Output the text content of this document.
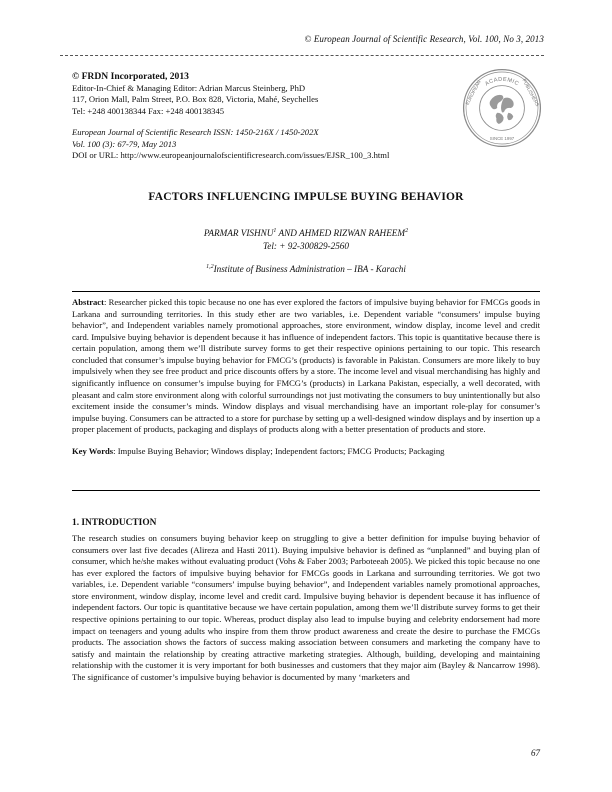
© European Journal of Scientific Research, Vol. 100, No 3, 2013
© FRDN Incorporated, 2013
Editor-In-Chief & Managing Editor: Adrian Marcus Steinberg, PhD
117, Orion Mall, Palm Street, P.O. Box 828, Victoria, Mahé, Seychelles
Tel: +248 400138344 Fax: +248 400138345
European Journal of Scientific Research ISSN: 1450-216X / 1450-202X
Vol. 100 (3): 67-79, May 2013
DOI or URL: http://www.europeanjournalofscientificresearch.com/issues/EJSR_100_3.html
ACADEMIC
EUROPEAN	PUBLISHERS
SINCE 1997
FACTORS INFLUENCING IMPULSE BUYING BEHAVIOR
PARMAR VISHNU$^1$ AND AHMED RIZWAN RAHEEM$^2$
Tel: + 92-300829-2560
$^{1,2}$Institute of Business Administration – IBA - Karachi

Abstract: Researcher picked this topic because no one has ever explored the factors of impulsive buying behavior for FMCGs goods in Larkana and surrounding territories. In this study ether are two variables, i.e. Dependent variable “consumers’ impulse buying behavior”, and Independent variables namely promotional approaches, store environment, window display, income level and credit card. Impulsive buying behavior is dependent because it has influence of independent factors. This topic is quantitative because there is certain population, among them we’ll distribute survey forms to get their respective opinions pertaining to our topic. This research concluded that consumer’s impulse buying behavior for FMCG’s (products) is favorable in Pakistan. Consumers are more likely to buy impulsively when they see free product and price discounts offers by a store. The income level and visual merchandising has highly and significantly influence on consumer’s impulse buying for FMCG’s (products) in Larkana Pakistan, especially, a well decorated, with pleasant and calm store environment along with colorful surroundings not just motivating the consumers to buy unintentionally but also excitement inside the consumer’s minds. Window displays and visual merchandising have an important role-play for consumer’s impulse buying. Consumers can be attracted to a store for purchase by setting up a well-designed window displays and by insertion up a proper placement of products, packaging and displays of products along with a better presentation of products and store.

Key Words: Impulse Buying Behavior; Windows display; Independent factors; FMCG Products; Packaging

1. INTRODUCTION

The research studies on consumers buying behavior keep on struggling to give a better definition for impulse buying behavior of consumers over last five decades (Alireza and Hasti 2011). Buying impulsive behavior is defined as “unplanned” and buying plan of consumer, which he/she makes without evaluating product (Vohs & Faber 2003; Parboteeah 2005). We picked this topic because no one has ever explored the factors of impulsive buying behavior for FMCGs goods in Larkana and surrounding territories. We got two variables, i.e. Dependent variable “consumers’ impulse buying behavior”, and Independent variables namely promotional approaches, store environment, window display, income level and credit card. Impulsive buying behavior is dependent because it has influence of independent factors. Our topic is quantitative because we have certain population, among them we’ll distribute survey forms to get their respective opinions pertaining to our topic. Whereas, product display also lead to impulse buying and celebrity endorsement had more impact on teenagers and young adults who inspire from them throw product awareness and create the desire to purchase the FMCGs products. The association shows the factors of success making association between consumers and marketing the company have to satisfy and maintain the relationship by creating attractive marketing strategies. Although, building, developing and maintaining relationship with the customer it is very important for both businesses and customers that they major aim (Bayley & Nancarrow 1998). The significance of customer’s impulsive buying behavior is documented by many ‘marketers and

67
